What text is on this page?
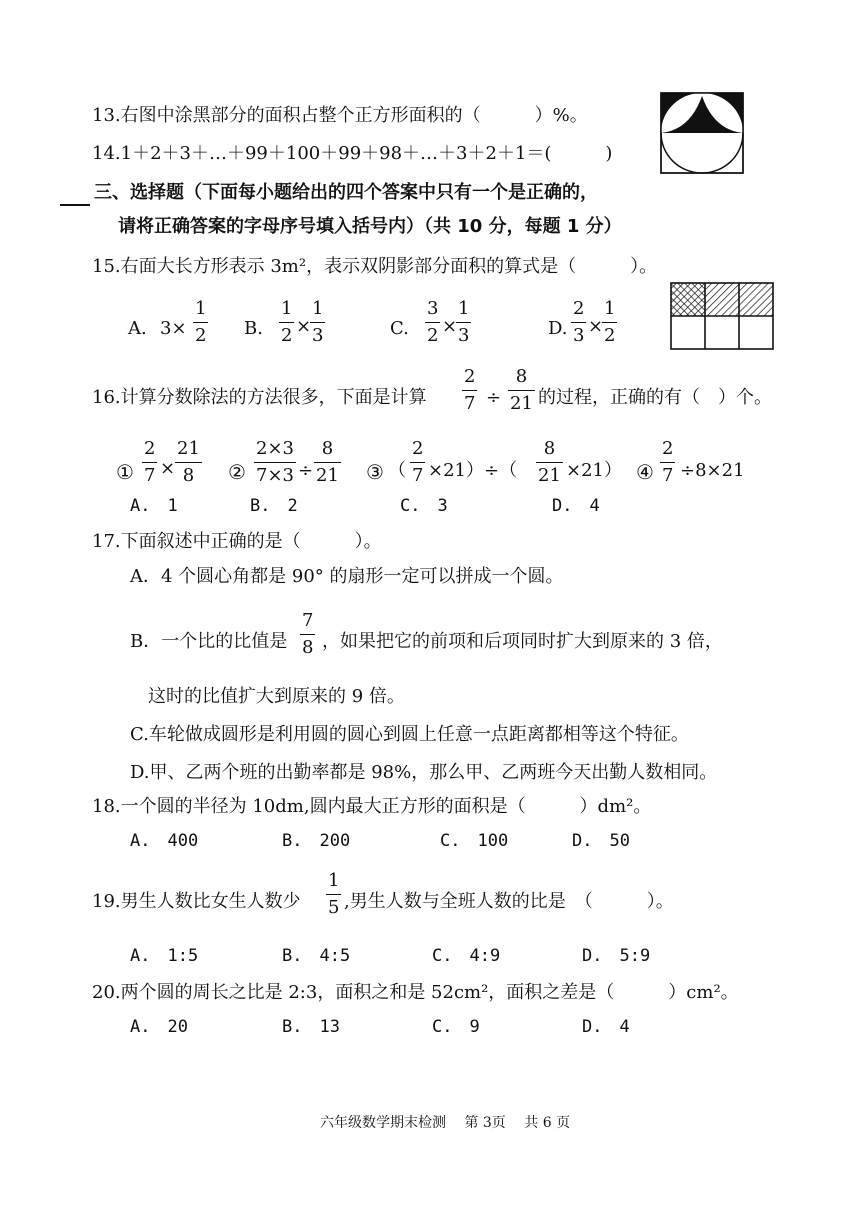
13.右图中涂黑部分的面积占整个正方形面积的（　　　）%。
14.1＋2＋3＋…＋99＋100＋99＋98＋…＋3＋2＋1＝(　　　)
三、选择题（下面每小题给出的四个答案中只有一个是正确的，
请将正确答案的字母序号填入括号内）（共 10 分，每题 1 分）
15.右面大长方形表示 3m²，表示双阴影部分面积的算式是（　　　）。
A. 3×
1
2 B.
1
2 ×
1
3	C.
3
2 ×
1
3	D.
2
3 ×
1
2
16.计算分数除法的方法很多，下面是计算
2
7 ÷
8
21 的过程，正确的有（　）个。
①
2
7 ×
21
8 ②
2×3
7×3 ÷
8
21 ③ （
2
7 ×21）÷（
8
21 ×21） ④
2
7 ÷8×21
A.　1	B.　2	C.　3	D.　4
17.下面叙述中正确的是（　　　）。
A．4 个圆心角都是 90° 的扇形一定可以拼成一个圆。
B．一个比的比值是
7
8 ，如果把它的前项和后项同时扩大到原来的 3 倍，
这时的比值扩大到原来的 9 倍。
C.车轮做成圆形是利用圆的圆心到圆上任意一点距离都相等这个特征。
D.甲、乙两个班的出勤率都是 98%，那么甲、乙两班今天出勤人数相同。
18.一个圆的半径为 10dm,圆内最大正方形的面积是（　　　）dm²。
A.　400	B.　200	C.　100	D.　50
19.男生人数比女生人数少
1
5 ,男生人数与全班人数的比是　（　　　）。
A.　1:5	B.　4:5	C.　4:9	D.　5:9
20.两个圆的周长之比是 2:3，面积之和是 52cm²，面积之差是（　　　）cm²。
A.　20	B.　13	C.　9	D.　4
六年级数学期末检测　 第 3页　 共 6 页
